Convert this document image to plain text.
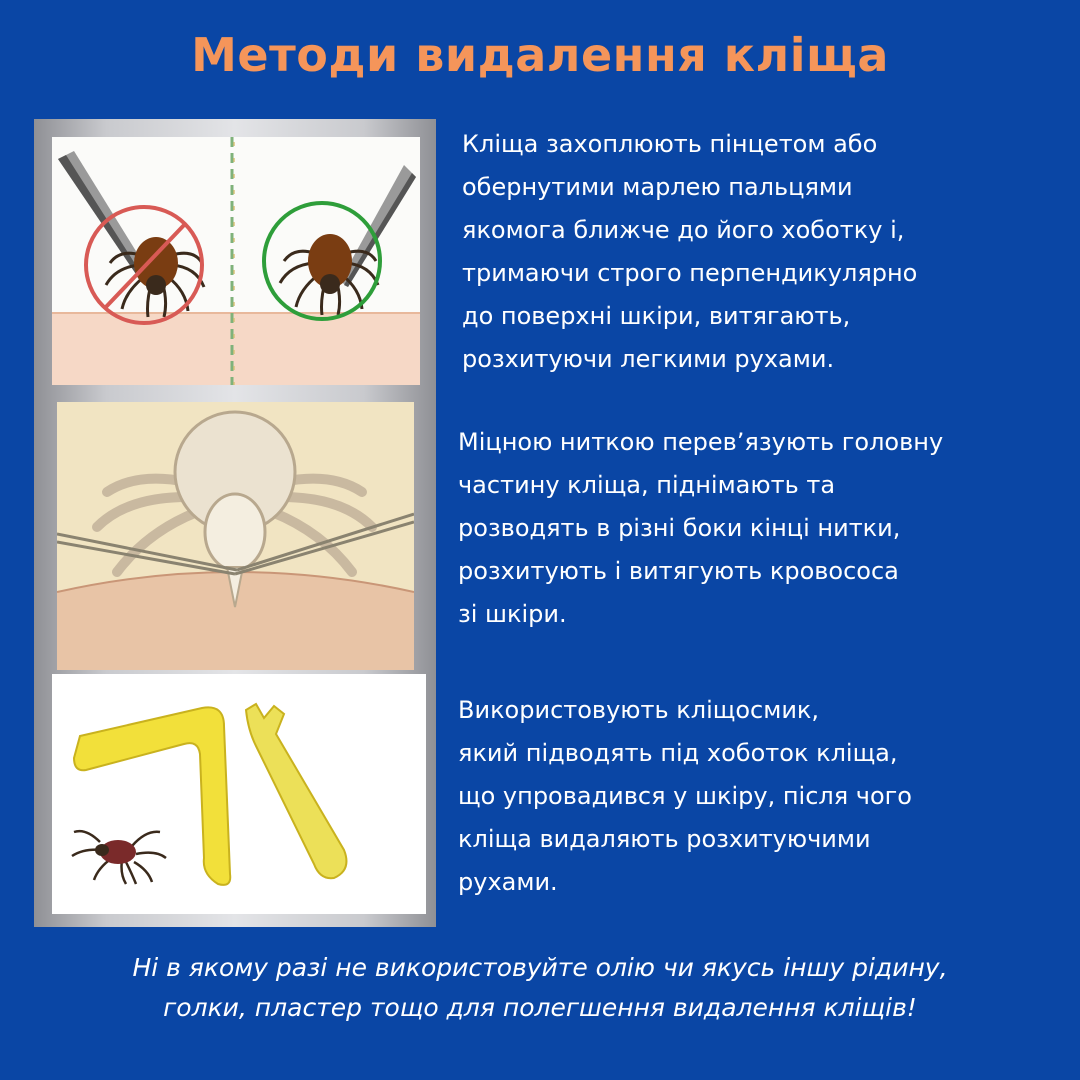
Методи видалення кліща
Кліща захоплюють пінцетом або
обернутими марлею пальцями
якомога ближче до його хоботку і,
тримаючи строго перпендикулярно
до поверхні шкіри, витягають,
розхитуючи легкими рухами.
Міцною ниткою перев’язують головну
частину кліща, піднімають та
розводять в різні боки кінці нитки,
розхитують і витягують кровососа
зі шкіри.
Використовують кліщосмик,
який підводять під хоботок кліща,
що упровадився у шкіру, після чого
кліща видаляють розхитуючими
рухами.
Ні в якому разі не використовуйте олію чи якусь іншу рідину,
голки, пластер тощо для полегшення видалення кліщів!
